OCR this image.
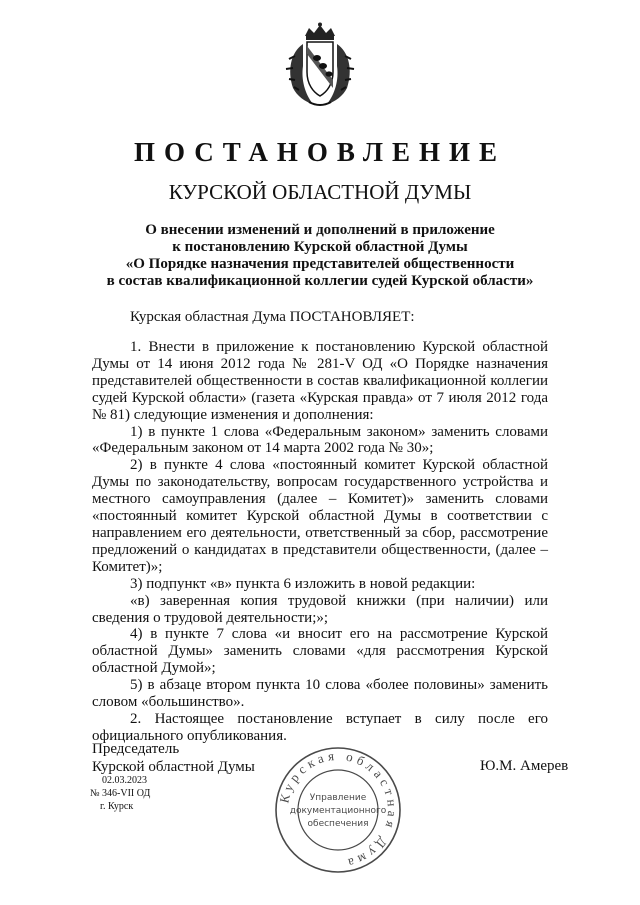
ПОСТАНОВЛЕНИЕ
КУРСКОЙ ОБЛАСТНОЙ ДУМЫ
О внесении изменений и дополнений в приложение
к постановлению Курской областной Думы
«О Порядке назначения представителей общественности
в состав квалификационной коллегии судей Курской области»
Курская областная Дума ПОСТАНОВЛЯЕТ:

1. Внести в приложение к постановлению Курской областной Думы от 14 июня 2012 года № 281-V ОД «О Порядке назначения представителей общественности в состав квалификационной коллегии судей Курской области» (газета «Курская правда» от 7 июля 2012 года № 81) следующие изменения и дополнения:

1) в пункте 1 слова «Федеральным законом» заменить словами «Федеральным законом от 14 марта 2002 года № 30»;

2) в пункте 4 слова «постоянный комитет Курской областной Думы по законодательству, вопросам государственного устройства и местного самоуправления (далее – Комитет)» заменить словами «постоянный комитет Курской областной Думы в соответствии с направлением его деятельности, ответственный за сбор, рассмотрение предложений о кандидатах в представители общественности, (далее – Комитет)»;

3) подпункт «в» пункта 6 изложить в новой редакции:

«в) заверенная копия трудовой книжки (при наличии) или сведения о трудовой деятельности;»;

4) в пункте 7 слова «и вносит его на рассмотрение Курской областной Думы» заменить словами «для рассмотрения Курской областной Думой»;

5) в абзаце втором пункта 10 слова «более половины» заменить словом «большинство».

2. Настоящее постановление вступает в силу после его официального опубликования.

Председатель
Курской областной Думы	Ю.М. Амерев
02.03.2023
№ 346-VII ОД
г. Курск
Курская областная Дума
Управление
документационного
обеспечения
